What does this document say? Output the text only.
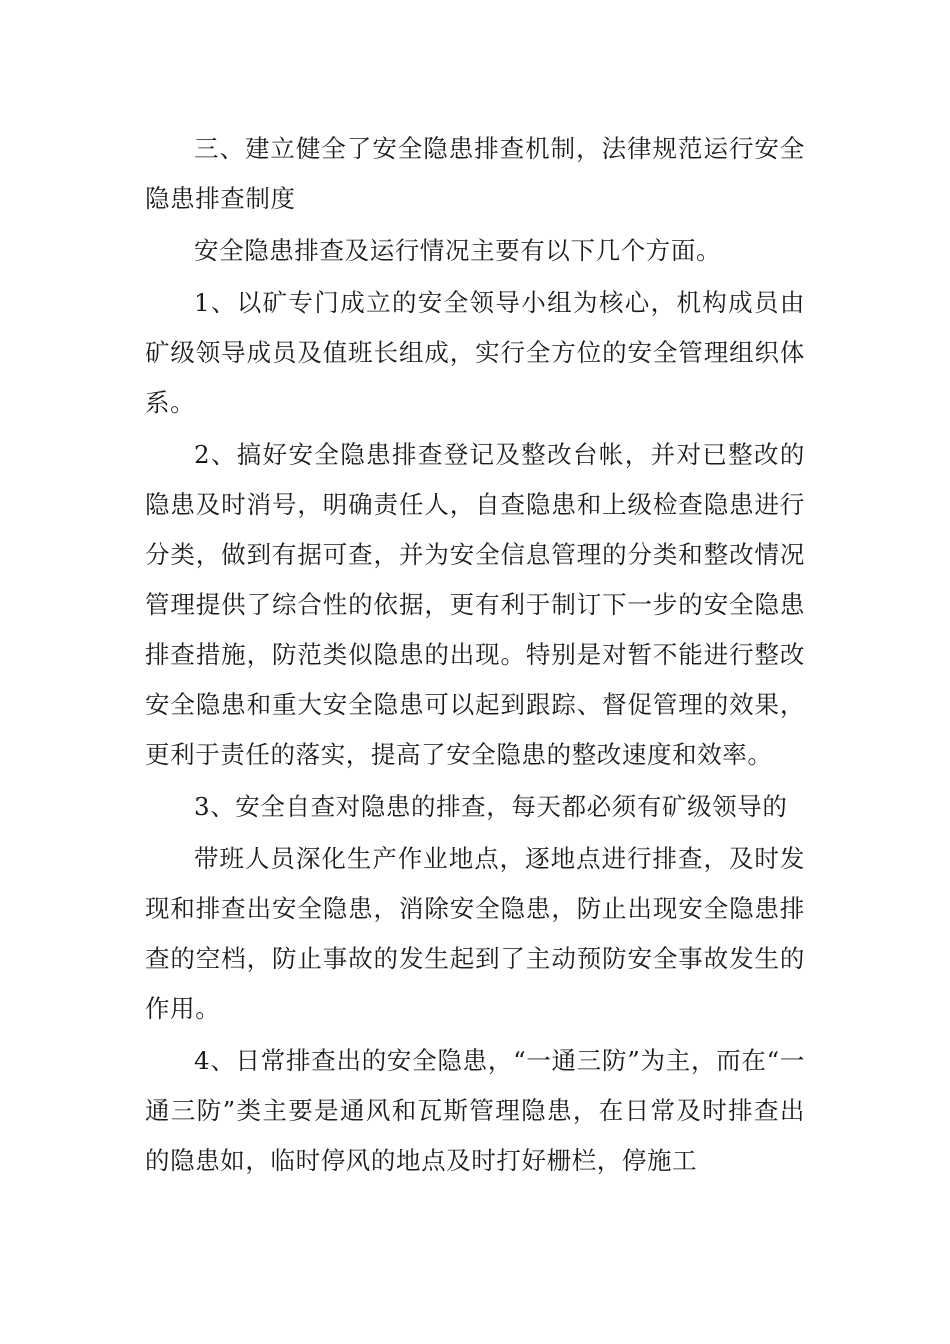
三、建立健全了安全隐患排查机制，法律规范运行安全隐患排查制度

安全隐患排查及运行情况主要有以下几个方面。

1、以矿专门成立的安全领导小组为核心，机构成员由矿级领导成员及值班长组成，实行全方位的安全管理组织体系。

2、搞好安全隐患排查登记及整改台帐，并对已整改的隐患及时消号，明确责任人，自查隐患和上级检查隐患进行分类，做到有据可查，并为安全信息管理的分类和整改情况管理提供了综合性的依据，更有利于制订下一步的安全隐患排查措施，防范类似隐患的出现。特别是对暂不能进行整改安全隐患和重大安全隐患可以起到跟踪、督促管理的效果，更利于责任的落实，提高了安全隐患的整改速度和效率。

3、安全自查对隐患的排查，每天都必须有矿级领导的

带班人员深化生产作业地点，逐地点进行排查，及时发现和排查出安全隐患，消除安全隐患，防止出现安全隐患排查的空档，防止事故的发生起到了主动预防安全事故发生的作用。

4、日常排查出的安全隐患，“一通三防”为主，而在“一通三防”类主要是通风和瓦斯管理隐患，在日常及时排查出的隐患如，临时停风的地点及时打好栅栏，停施工
